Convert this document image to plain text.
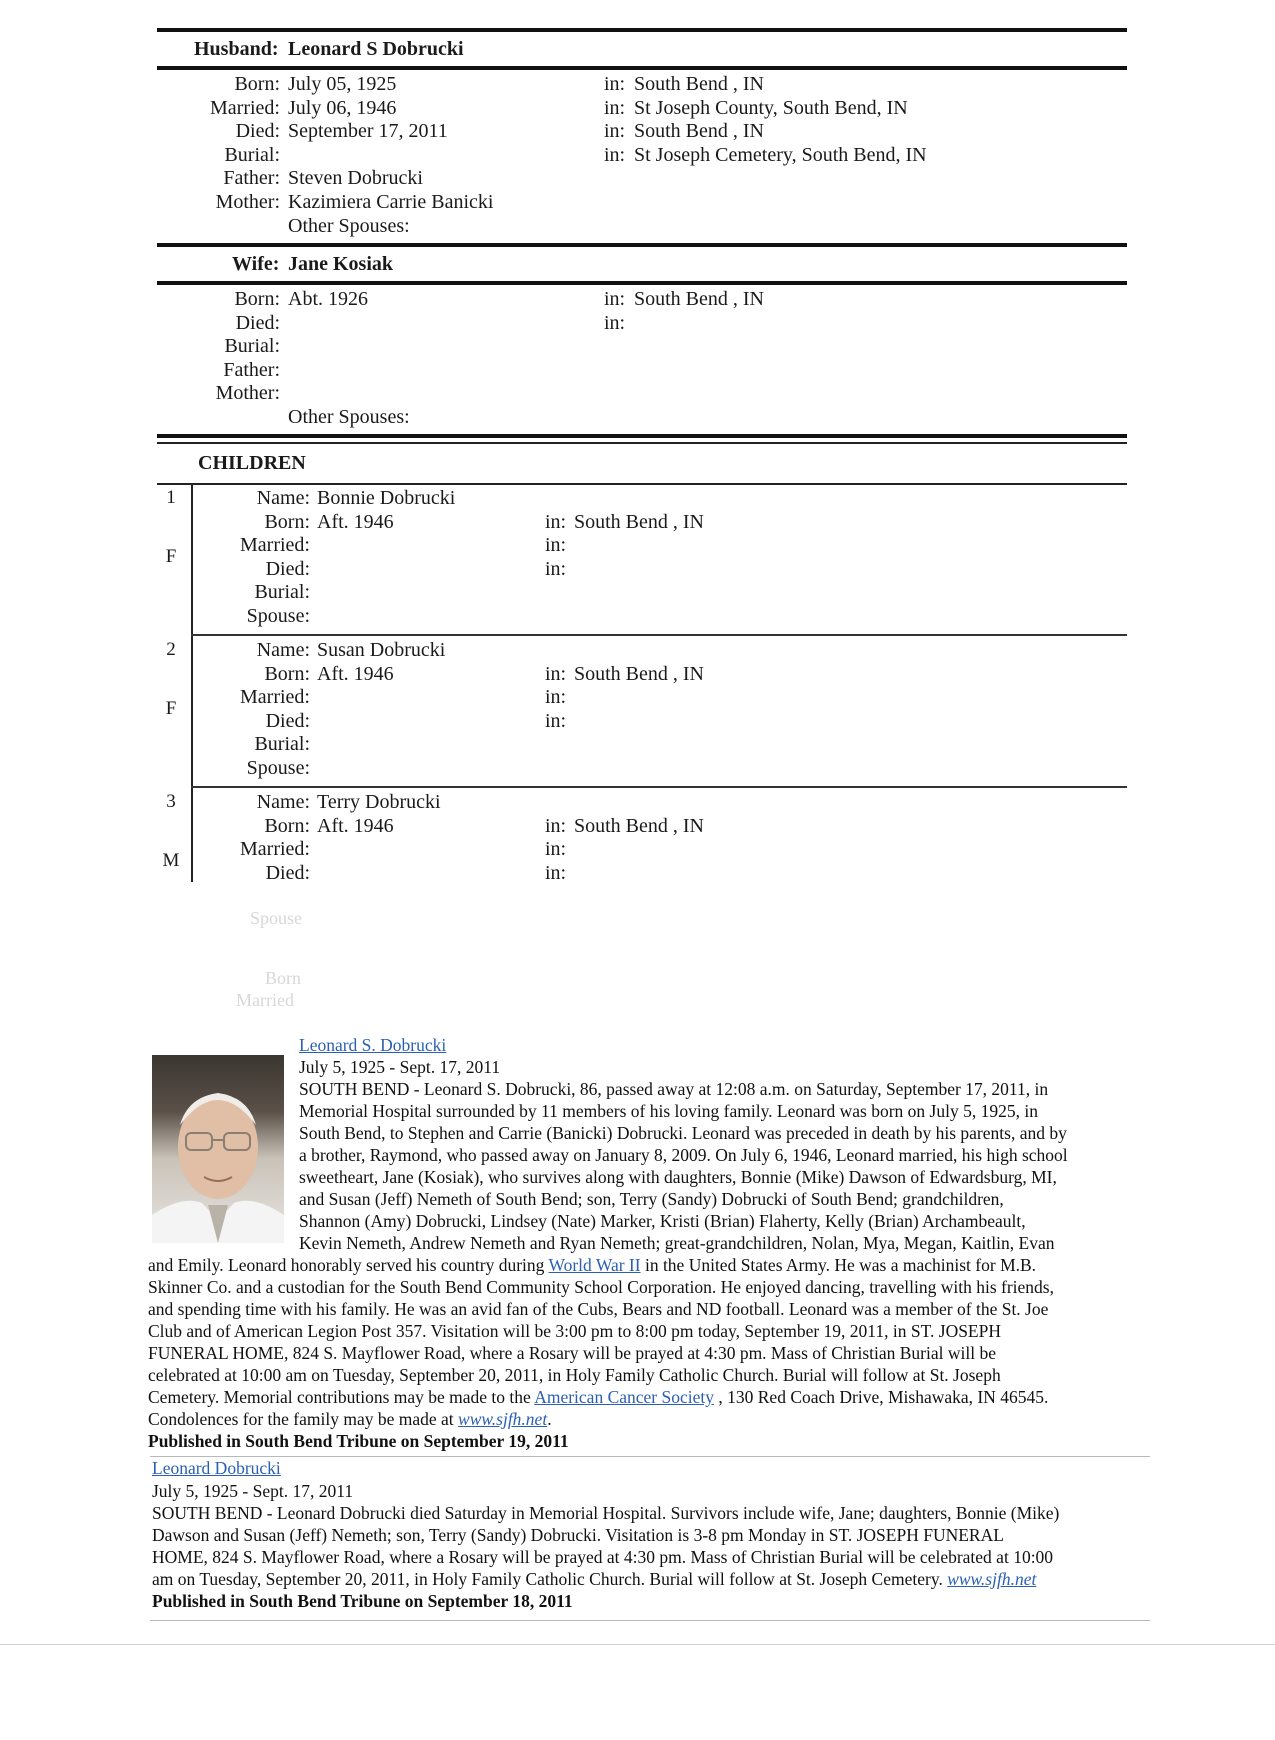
Husband: Leonard S Dobrucki
Born: July 05, 1925	in: South Bend , IN
Married: July 06, 1946	in: St Joseph County, South Bend, IN
Died: September 17, 2011	in: South Bend , IN
Burial:	in: St Joseph Cemetery, South Bend, IN
Father: Steven Dobrucki
Mother: Kazimiera Carrie Banicki
Other Spouses:
Wife: Jane Kosiak
Born: Abt. 1926	in: South Bend , IN
Died:	in:
Burial:
Father:
Mother:
Other Spouses:
CHILDREN
1
F
Name: Bonnie Dobrucki
Born: Aft. 1946	in: South Bend , IN
Married:	in:
Died:	in:
Burial:
Spouse:
2
F
Name: Susan Dobrucki
Born: Aft. 1946	in: South Bend , IN
Married:	in:
Died:	in:
Burial:
Spouse:
3
M
Name: Terry Dobrucki
Born: Aft. 1946	in: South Bend , IN
Married:	in:
Died:	in:
Spouse
Born
Married
Leonard S. Dobrucki
July 5, 1925 - Sept. 17, 2011
SOUTH BEND - Leonard S. Dobrucki, 86, passed away at 12:08 a.m. on Saturday, September 17, 2011, in
Memorial Hospital surrounded by 11 members of his loving family. Leonard was born on July 5, 1925, in
South Bend, to Stephen and Carrie (Banicki) Dobrucki. Leonard was preceded in death by his parents, and by
a brother, Raymond, who passed away on January 8, 2009. On July 6, 1946, Leonard married, his high school
sweetheart, Jane (Kosiak), who survives along with daughters, Bonnie (Mike) Dawson of Edwardsburg, MI,
and Susan (Jeff) Nemeth of South Bend; son, Terry (Sandy) Dobrucki of South Bend; grandchildren,
Shannon (Amy) Dobrucki, Lindsey (Nate) Marker, Kristi (Brian) Flaherty, Kelly (Brian) Archambeault,
Kevin Nemeth, Andrew Nemeth and Ryan Nemeth; great-grandchildren, Nolan, Mya, Megan, Kaitlin, Evan
and Emily. Leonard honorably served his country during World War II in the United States Army. He was a machinist for M.B.
Skinner Co. and a custodian for the South Bend Community School Corporation. He enjoyed dancing, travelling with his friends,
and spending time with his family. He was an avid fan of the Cubs, Bears and ND football. Leonard was a member of the St. Joe
Club and of American Legion Post 357. Visitation will be 3:00 pm to 8:00 pm today, September 19, 2011, in ST. JOSEPH
FUNERAL HOME, 824 S. Mayflower Road, where a Rosary will be prayed at 4:30 pm. Mass of Christian Burial will be
celebrated at 10:00 am on Tuesday, September 20, 2011, in Holy Family Catholic Church. Burial will follow at St. Joseph
Cemetery. Memorial contributions may be made to the American Cancer Society , 130 Red Coach Drive, Mishawaka, IN 46545.
Condolences for the family may be made at www.sjfh.net.
Published in South Bend Tribune on September 19, 2011
Leonard Dobrucki
July 5, 1925 - Sept. 17, 2011
SOUTH BEND - Leonard Dobrucki died Saturday in Memorial Hospital. Survivors include wife, Jane; daughters, Bonnie (Mike)
Dawson and Susan (Jeff) Nemeth; son, Terry (Sandy) Dobrucki. Visitation is 3-8 pm Monday in ST. JOSEPH FUNERAL
HOME, 824 S. Mayflower Road, where a Rosary will be prayed at 4:30 pm. Mass of Christian Burial will be celebrated at 10:00
am on Tuesday, September 20, 2011, in Holy Family Catholic Church. Burial will follow at St. Joseph Cemetery. www.sjfh.net
Published in South Bend Tribune on September 18, 2011
